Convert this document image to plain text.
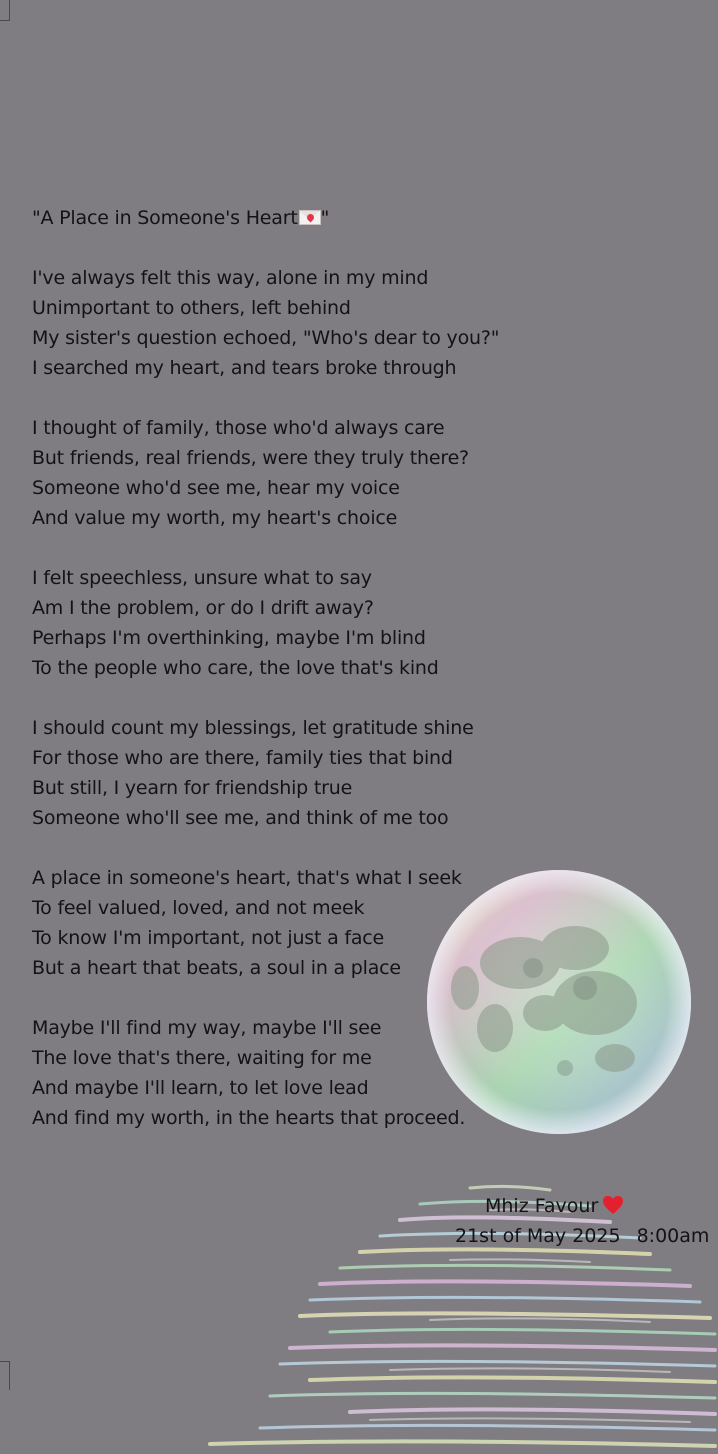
"A Place in Someone's Heart "
I've always felt this way, alone in my mind
Unimportant to others, left behind
My sister's question echoed, "Who's dear to you?"
I searched my heart, and tears broke through
I thought of family, those who'd always care
But friends, real friends, were they truly there?
Someone who'd see me, hear my voice
And value my worth, my heart's choice
I felt speechless, unsure what to say
Am I the problem, or do I drift away?
Perhaps I'm overthinking, maybe I'm blind
To the people who care, the love that's kind
I should count my blessings, let gratitude shine
For those who are there, family ties that bind
But still, I yearn for friendship true
Someone who'll see me, and think of me too
A place in someone's heart, that's what I seek
To feel valued, loved, and not meek
To know I'm important, not just a face
But a heart that beats, a soul in a place
Maybe I'll find my way, maybe I'll see
The love that's there, waiting for me
And maybe I'll learn, to let love lead
And find my worth, in the hearts that proceed.
Mhiz Favour
21st of May 2025 8:00am
